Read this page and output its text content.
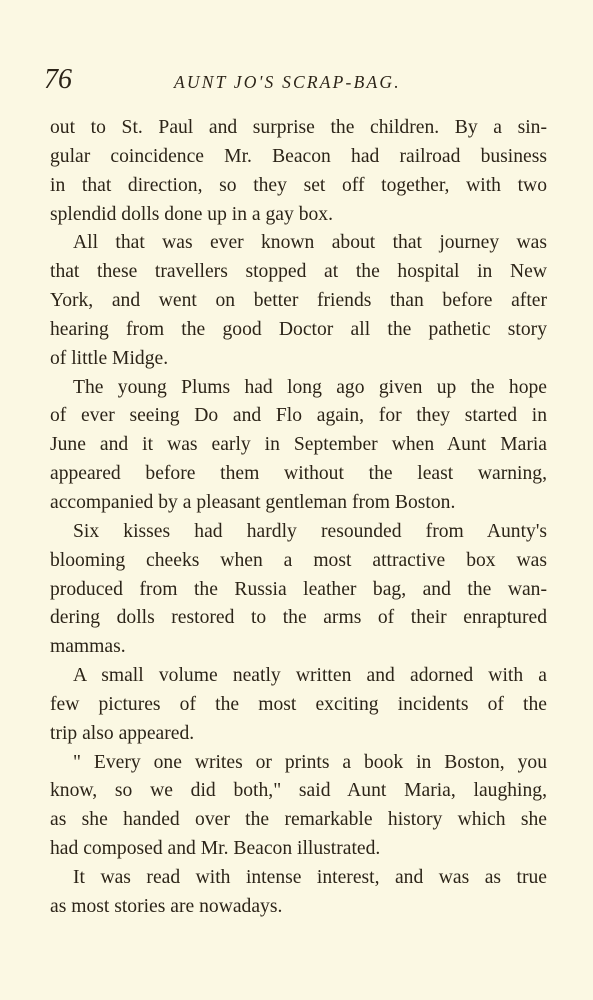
76	AUNT JO'S SCRAP-BAG.
out to St. Paul and surprise the children. By a sin-
gular coincidence Mr. Beacon had railroad business
in that direction, so they set off together, with two
splendid dolls done up in a gay box.
All that was ever known about that journey was
that these travellers stopped at the hospital in New
York, and went on better friends than before after
hearing from the good Doctor all the pathetic story
of little Midge.
The young Plums had long ago given up the hope
of ever seeing Do and Flo again, for they started in
June and it was early in September when Aunt Maria
appeared before them without the least warning,
accompanied by a pleasant gentleman from Boston.
Six kisses had hardly resounded from Aunty's
blooming cheeks when a most attractive box was
produced from the Russia leather bag, and the wan-
dering dolls restored to the arms of their enraptured
mammas.
A small volume neatly written and adorned with a
few pictures of the most exciting incidents of the
trip also appeared.
" Every one writes or prints a book in Boston, you
know, so we did both," said Aunt Maria, laughing,
as she handed over the remarkable history which she
had composed and Mr. Beacon illustrated.
It was read with intense interest, and was as true
as most stories are nowadays.
